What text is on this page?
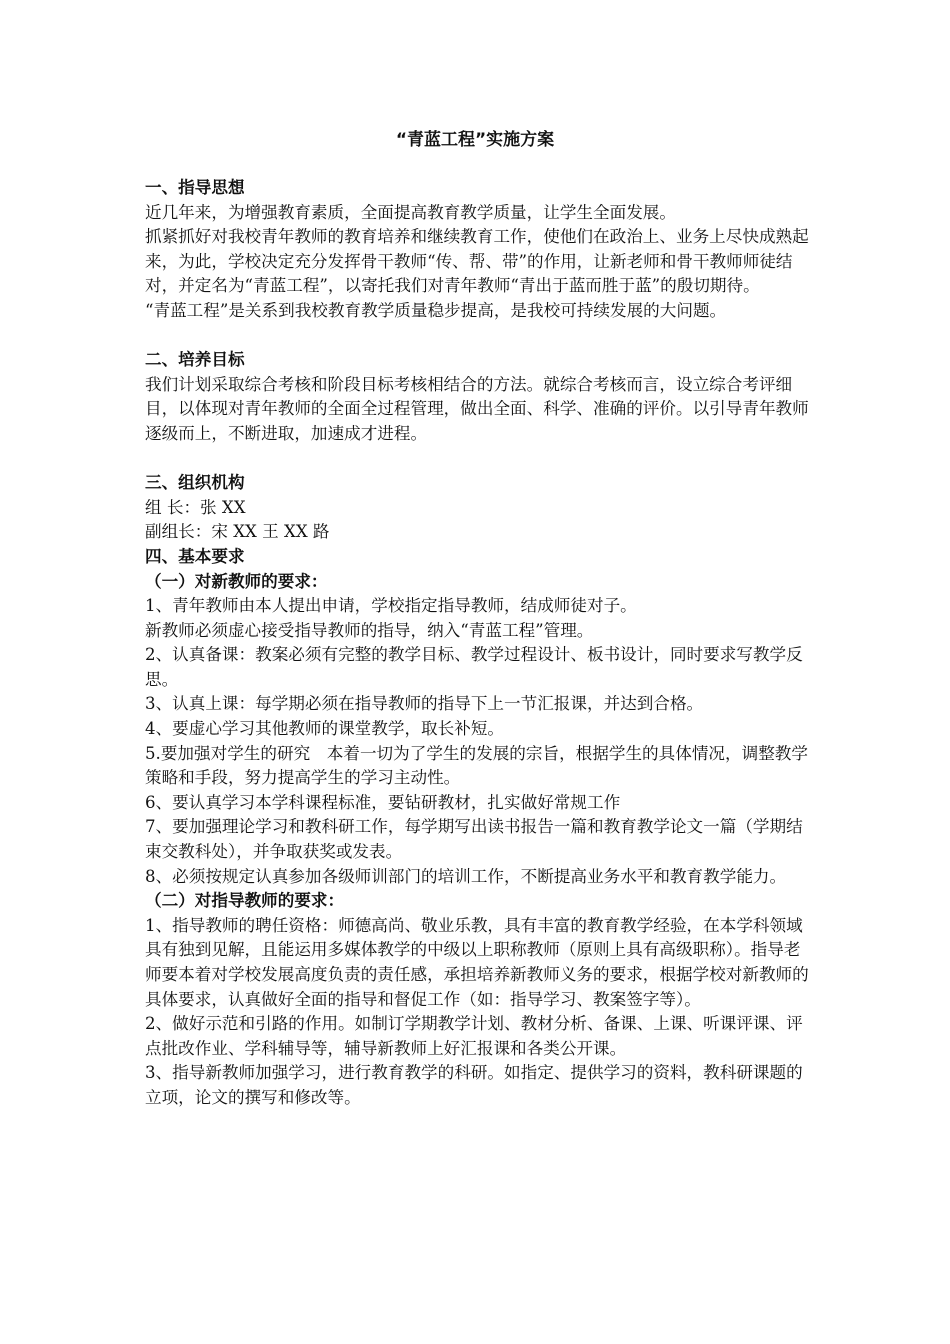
“青蓝工程”实施方案

一、指导思想

近几年来，为增强教育素质，全面提高教育教学质量，让学生全面发展。

抓紧抓好对我校青年教师的教育培养和继续教育工作，使他们在政治上、业务上尽快成熟起来，为此，学校决定充分发挥骨干教师“传、帮、带”的作用，让新老师和骨干教师师徒结对，并定名为“青蓝工程”，以寄托我们对青年教师“青出于蓝而胜于蓝”的殷切期待。

“青蓝工程”是关系到我校教育教学质量稳步提高，是我校可持续发展的大问题。

二、培养目标

我们计划采取综合考核和阶段目标考核相结合的方法。就综合考核而言，设立综合考评细目，以体现对青年教师的全面全过程管理，做出全面、科学、准确的评价。以引导青年教师逐级而上，不断进取，加速成才进程。

三、组织机构

组 长：张 XX

副组长：宋 XX 王 XX 路

四、基本要求

（一）对新教师的要求：

1、青年教师由本人提出申请，学校指定指导教师，结成师徒对子。

新教师必须虚心接受指导教师的指导，纳入“青蓝工程”管理。

2、认真备课：教案必须有完整的教学目标、教学过程设计、板书设计，同时要求写教学反思。

3、认真上课：每学期必须在指导教师的指导下上一节汇报课，并达到合格。

4、要虚心学习其他教师的课堂教学，取长补短。

5.要加强对学生的研究　本着一切为了学生的发展的宗旨，根据学生的具体情况，调整教学策略和手段，努力提高学生的学习主动性。

6、要认真学习本学科课程标准，要钻研教材，扎实做好常规工作

7、要加强理论学习和教科研工作，每学期写出读书报告一篇和教育教学论文一篇（学期结束交教科处），并争取获奖或发表。

8、必须按规定认真参加各级师训部门的培训工作，不断提高业务水平和教育教学能力。

（二）对指导教师的要求：

1、指导教师的聘任资格：师德高尚、敬业乐教，具有丰富的教育教学经验，在本学科领域具有独到见解，且能运用多媒体教学的中级以上职称教师（原则上具有高级职称）。指导老师要本着对学校发展高度负责的责任感，承担培养新教师义务的要求，根据学校对新教师的具体要求，认真做好全面的指导和督促工作（如：指导学习、教案签字等）。

2、做好示范和引路的作用。如制订学期教学计划、教材分析、备课、上课、听课评课、评点批改作业、学科辅导等，辅导新教师上好汇报课和各类公开课。

3、指导新教师加强学习，进行教育教学的科研。如指定、提供学习的资料，教科研课题的立项，论文的撰写和修改等。
